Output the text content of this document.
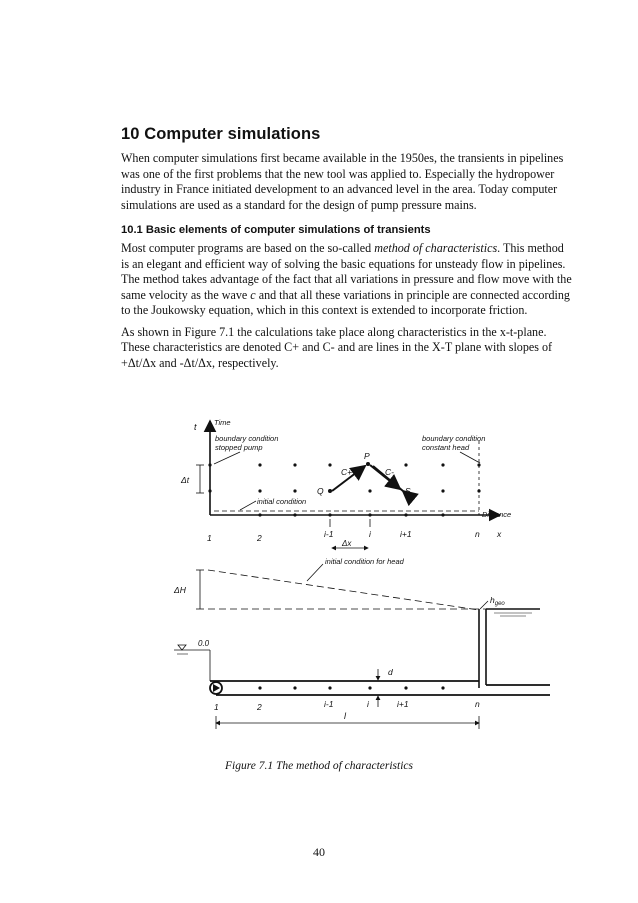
10 Computer simulations

When computer simulations first became available in the 1950es, the transients in pipelines was one of the first problems that the new tool was applied to. Especially the hydropower industry in France initiated development to an advanced level in the area. Today computer simulations are used as a standard for the design of pump pressure mains.

10.1 Basic elements of computer simulations of transients

Most computer programs are based on the so-called method of characteristics. This method is an elegant and efficient way of solving the basic equations for unsteady flow in pipelines. The method takes advantage of the fact that all variations in pressure and flow move with the same velocity as the wave c and that all these variations in principle are connected according to the Joukowsky equation, which in this context is extended to incorporate friction.

As shown in Figure 7.1 the calculations take place along characteristics in the x-t-plane. These characteristics are denoted C+ and C- and are lines in the X-T plane with slopes of +Δt/Δx and -Δt/Δx, respectively.

t Time
boundary condition
stopped pump
boundary condition
constant head
Δt
C+	C-
P
Q	S
initial condition
Distance
1	2	i-1	i	i+1	n x
Δx
ΔH
initial condition for head
$h_{geo}$
0.0
d
1	2	i-1	i	i+1	n
l
Figure 7.1 The method of characteristics
40
